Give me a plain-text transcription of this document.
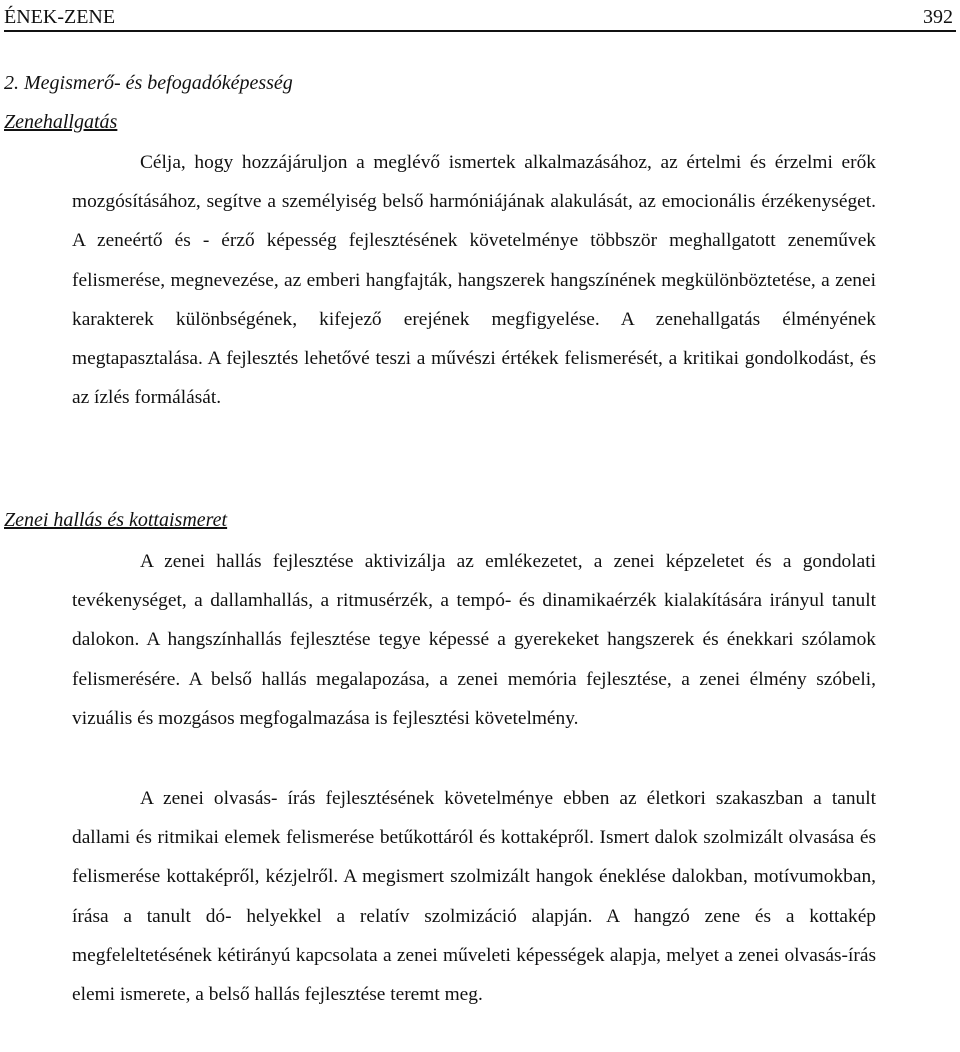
ÉNEK-ZENE	392
2. Megismerő- és befogadóképesség
Zenehallgatás

Célja, hogy hozzájáruljon a meglévő ismertek alkalmazásához, az értelmi és érzelmi erők mozgósításához, segítve a személyiség belső harmóniájának alakulását, az emocionális érzékenységet. A zeneértő és - érző képesség fejlesztésének követelménye többször meghallgatott zeneművek felismerése, megnevezése, az emberi hangfajták, hangszerek hangszínének megkülönböztetése, a zenei karakterek különbségének, kifejező erejének megfigyelése. A zenehallgatás élményének megtapasztalása. A fejlesztés lehetővé teszi a művészi értékek felismerését, a kritikai gondolkodást, és az ízlés formálását.

Zenei hallás és kottaismeret

A zenei hallás fejlesztése aktivizálja az emlékezetet, a zenei képzeletet és a gondolati tevékenységet, a dallamhallás, a ritmusérzék, a tempó- és dinamikaérzék kialakítására irányul tanult dalokon. A hangszínhallás fejlesztése tegye képessé a gyerekeket hangszerek és énekkari szólamok felismerésére. A belső hallás megalapozása, a zenei memória fejlesztése, a zenei élmény szóbeli, vizuális és mozgásos megfogalmazása is fejlesztési követelmény.

A zenei olvasás- írás fejlesztésének követelménye ebben az életkori szakaszban a tanult dallami és ritmikai elemek felismerése betűkottáról és kottaképről. Ismert dalok szolmizált olvasása és felismerése kottaképről, kézjelről. A megismert szolmizált hangok éneklése dalokban, motívumokban, írása a tanult dó- helyekkel a relatív szolmizáció alapján. A hangzó zene és a kottakép megfeleltetésének kétirányú kapcsolata a zenei műveleti képességek alapja, melyet a zenei olvasás-írás elemi ismerete, a belső hallás fejlesztése teremt meg.
